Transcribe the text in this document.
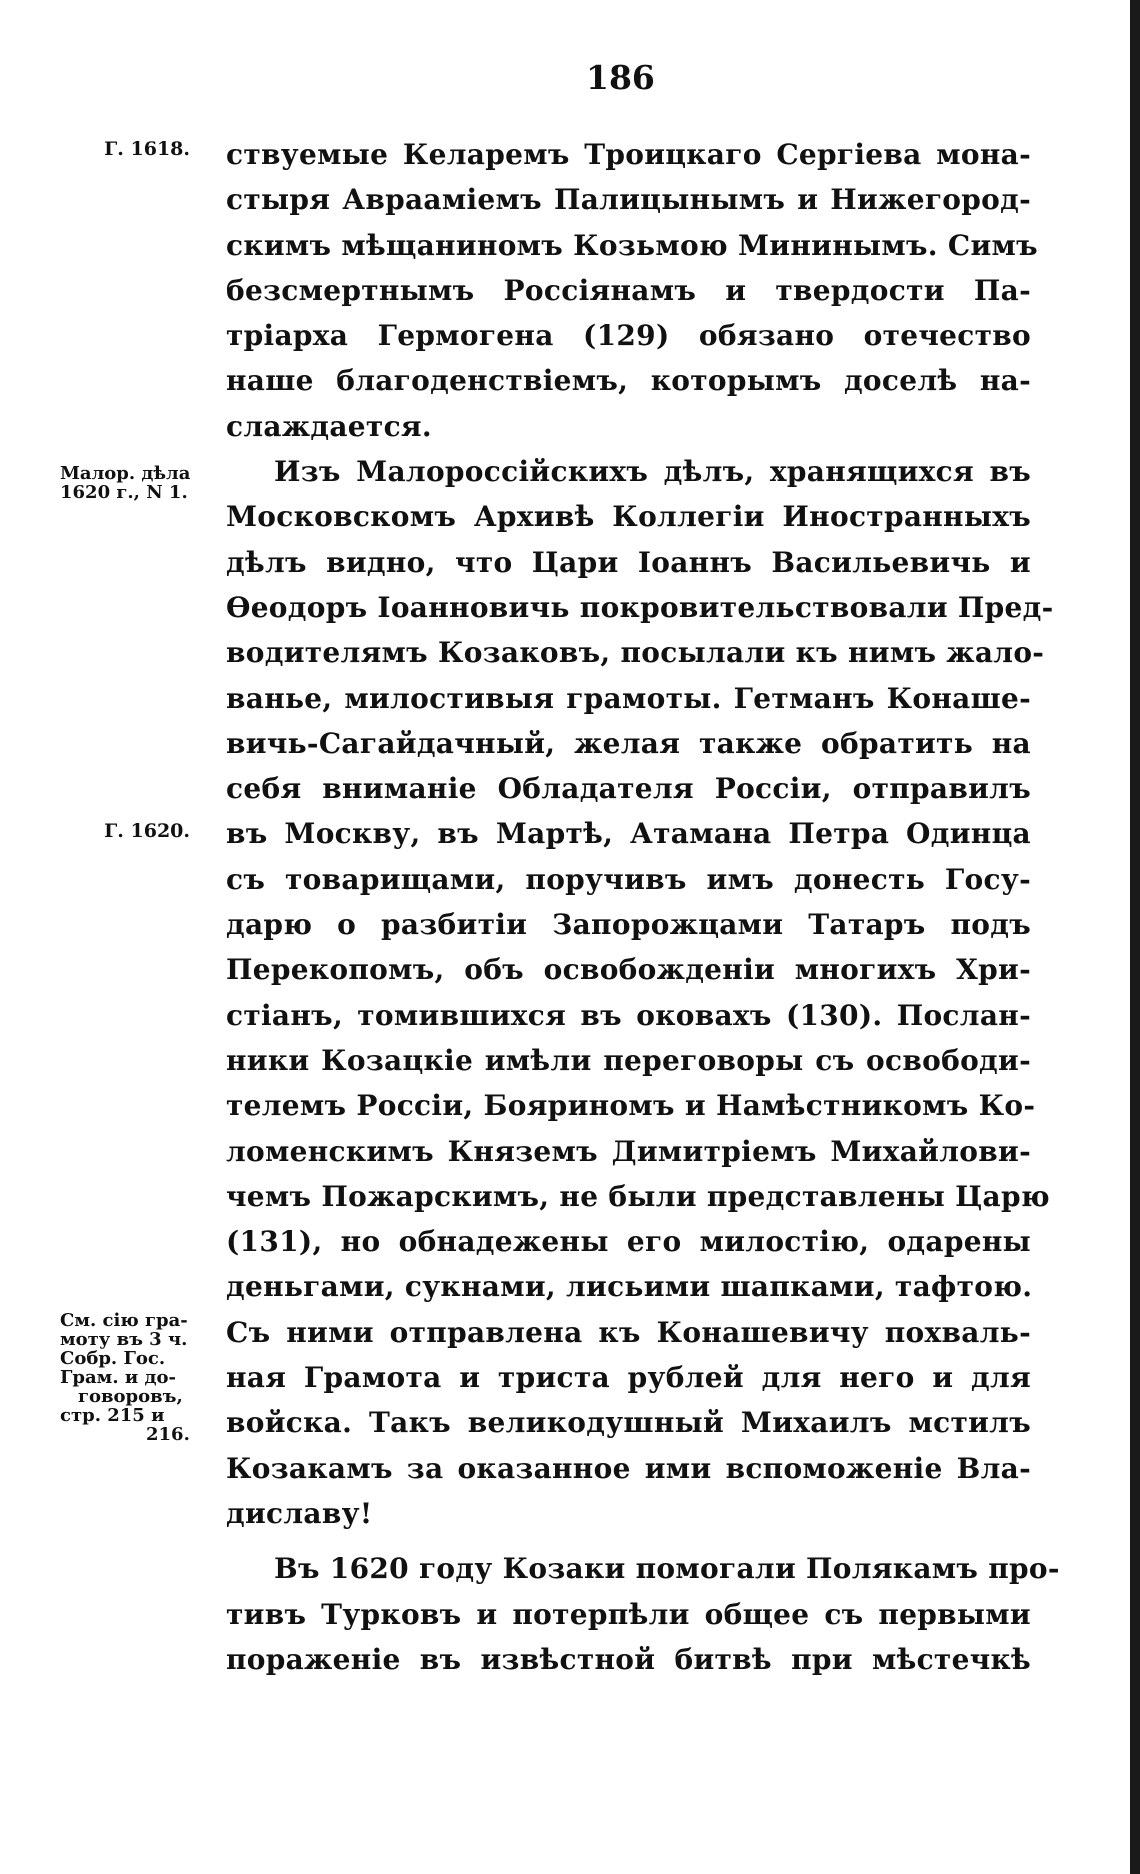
186
Г. 1618.
Малор. дѣла
1620 г., N 1.
Г. 1620.
См. сію гра-
моту въ 3 ч.
Собр. Гос.
Грам. и до-
говоровъ,
стр. 215 и
216.
ствуемые Келаремъ Троицкаго Сергіева мона-
стыря Авраамiемъ Палицынымъ и Нижегород-
скимъ мѣщаниномъ Козьмою Мининымъ. Симъ
безсмертнымъ Россiянамъ и твердости Па-
тріарха Гермогена (129) обязано отечество
наше благоденствiемъ, которымъ доселѣ на-
слаждается.
Изъ Малороссійскихъ дѣлъ, хранящихся въ
Московскомъ Архивѣ Коллегіи Иностранныхъ
дѣлъ видно, что Цари Іоаннъ Васильевичь и
Ѳеодоръ Іоанновичь покровительствовали Пред-
водителямъ Козаковъ, посылали къ нимъ жало-
ванье, милостивыя грамоты. Гетманъ Конаше-
вичь-Сагайдачный, желая также обратить на
себя вниманіе Обладателя Россіи, отправилъ
въ Москву, въ Мартѣ, Атамана Петра Одинца
съ товарищами, поручивъ имъ донесть Госу-
дарю о разбитіи Запорожцами Татаръ подъ
Перекопомъ, объ освобожденіи многихъ Хри-
стіанъ, томившихся въ оковахъ (130). Послан-
ники Козацкіе имѣли переговоры съ освободи-
телемъ Россіи, Бояриномъ и Намѣстникомъ Ко-
ломенскимъ Княземъ Димитріемъ Михайлови-
чемъ Пожарскимъ, не были представлены Царю
(131), но обнадежены его милостію, одарены
деньгами, сукнами, лисьими шапками, тафтою.
Съ ними отправлена къ Конашевичу похваль-
ная Грамота и триста рублей для него и для
войска. Такъ великодушный Михаилъ мстилъ
Козакамъ за оказанное ими вспоможеніе Вла-
диславу!
Въ 1620 году Козаки помогали Полякамъ про-
тивъ Турковъ и потерпѣли общее съ первыми
пораженіе въ извѣстной битвѣ при мѣстечкѣ
